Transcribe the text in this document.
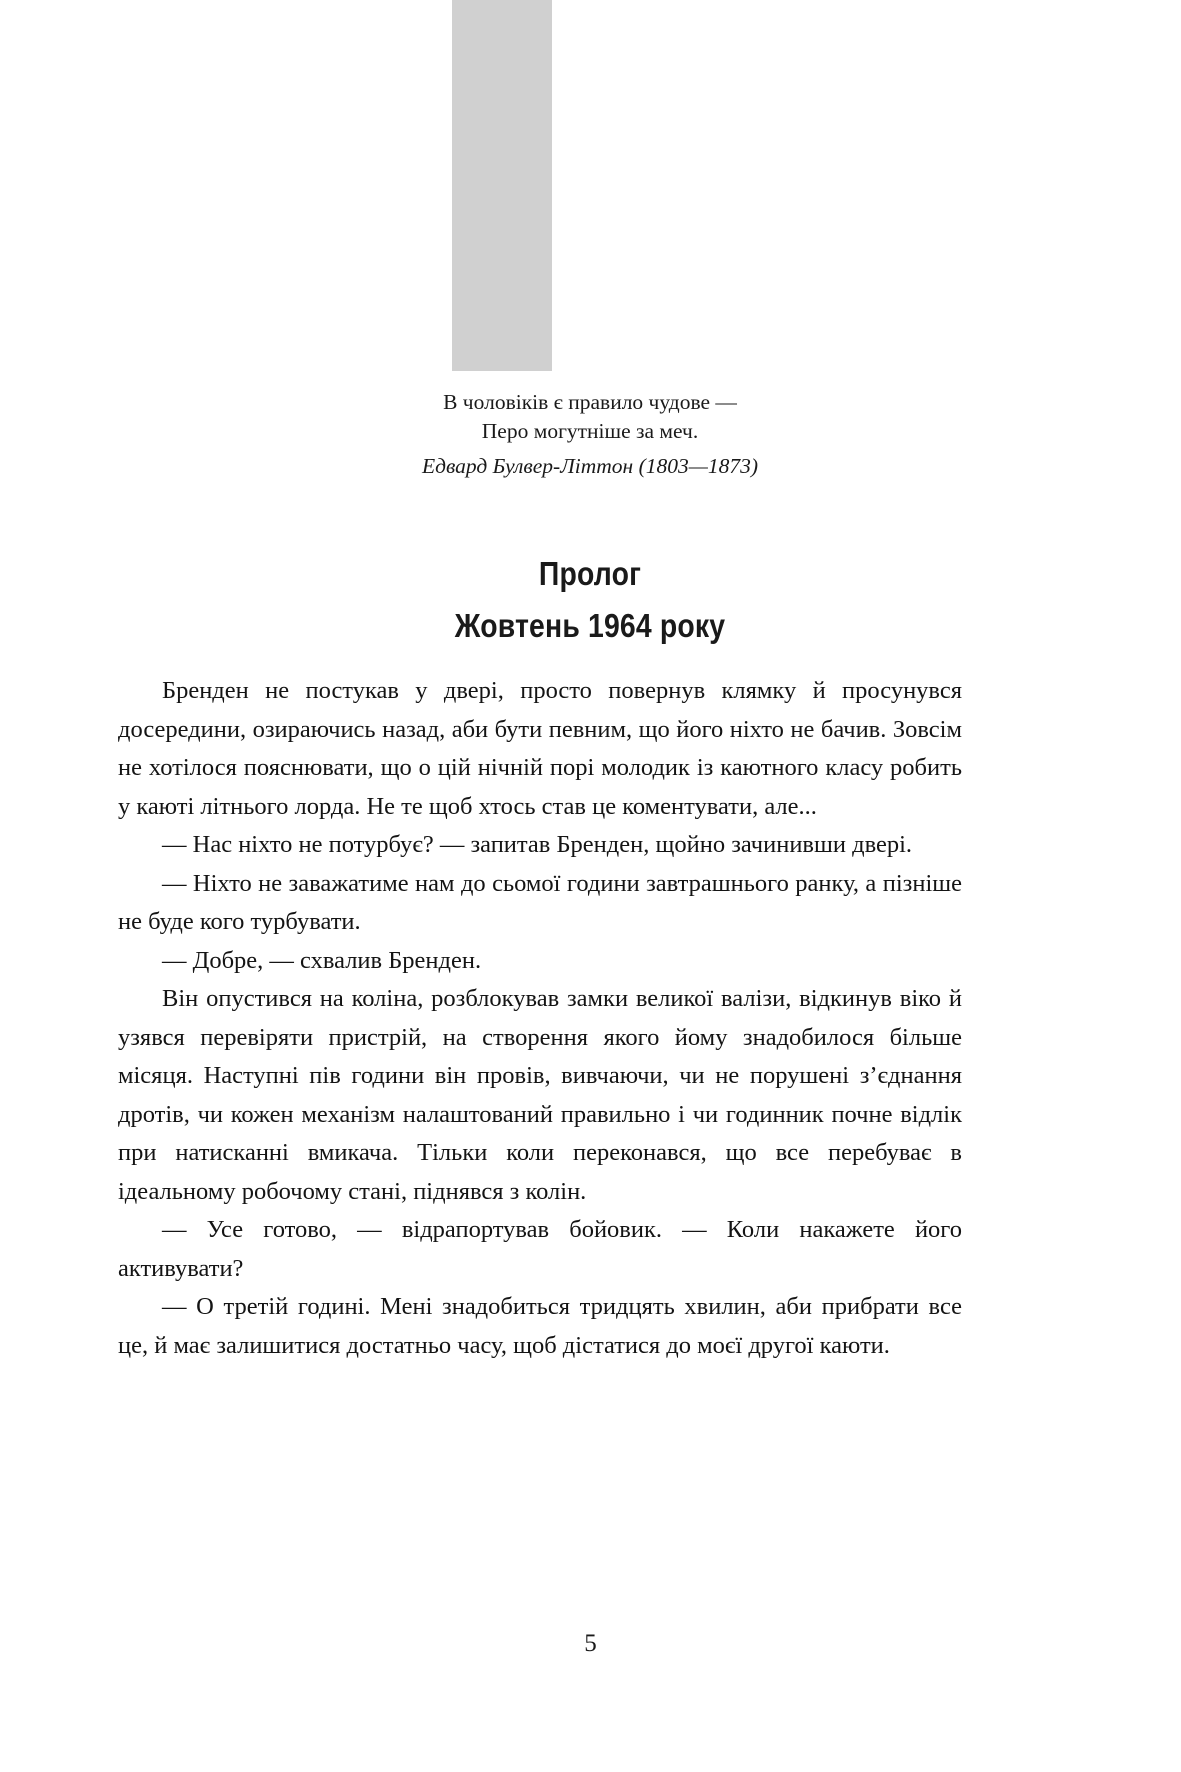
В чоловіків є правило чудове —
Перо могутніше за меч.
Едвард Булвер-Літтон (1803—1873)
Пролог
Жовтень 1964 року

Бренден не постукав у двері, просто повернув клямку й просунувся досередини, озираючись назад, аби бути певним, що його ніхто не бачив. Зовсім не хотілося пояснювати, що о цій нічній порі молодик із каютного класу робить у каюті літнього лорда. Не те щоб хтось став це коментувати, але...

— Нас ніхто не потурбує? — запитав Бренден, щойно зачинивши двері.

— Ніхто не заважатиме нам до сьомої години завтрашнього ранку, а пізніше не буде кого турбувати.

— Добре, — схвалив Бренден.

Він опустився на коліна, розблокував замки великої валізи, відкинув віко й узявся перевіряти пристрій, на створення якого йому знадобилося більше місяця. Наступні пів години він провів, вивчаючи, чи не порушені з’єднання дротів, чи кожен механізм налаштований правильно і чи годинник почне відлік при натисканні вмикача. Тільки коли переконався, що все перебуває в ідеальному робочому стані, піднявся з колін.

— Усе готово, — відрапортував бойовик. — Коли накажете його активувати?

— О третій годині. Мені знадобиться тридцять хвилин, аби прибрати все це, й має залишитися достатньо часу, щоб дістатися до моєї другої каюти.

5
